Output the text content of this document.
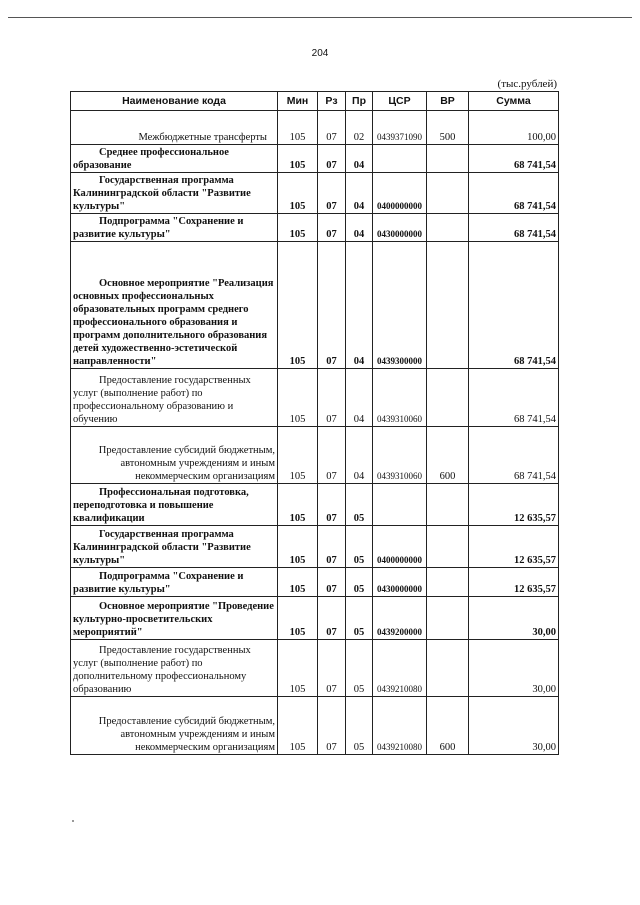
204
(тыс.рублей)
Наименование кода	Мин	Рз	Пр	ЦСР	ВР	Сумма
Межбюджетные трансферты	105	07	02	0439371090	500	100,00
Среднее профессиональное образование	105	07	04			68 741,54
Государственная программа Калининградской области "Развитие культуры"	105	07	04	0400000000		68 741,54
Подпрограмма "Сохранение и развитие культуры"	105	07	04	0430000000		68 741,54
Основное мероприятие "Реализация основных профессиональных образовательных программ среднего профессионального образования и программ дополнительного образования детей художественно-эстетической направленности"	105	07	04	0439300000		68 741,54
Предоставление государственных услуг (выполнение работ) по профессиональному образованию и обучению	105	07	04	0439310060		68 741,54
Предоставление субсидий бюджетным, автономным учреждениям и иным некоммерческим организациям	105	07	04	0439310060	600	68 741,54
Профессиональная подготовка, переподготовка и повышение квалификации	105	07	05			12 635,57
Государственная программа Калининградской области "Развитие культуры"	105	07	05	0400000000		12 635,57
Подпрограмма "Сохранение и развитие культуры"	105	07	05	0430000000		12 635,57
Основное мероприятие "Проведение культурно-просветительских мероприятий"	105	07	05	0439200000		30,00
Предоставление государственных услуг (выполнение работ) по дополнительному профессиональному образованию	105	07	05	0439210080		30,00
Предоставление субсидий бюджетным, автономным учреждениям и иным некоммерческим организациям	105	07	05	0439210080	600	30,00
